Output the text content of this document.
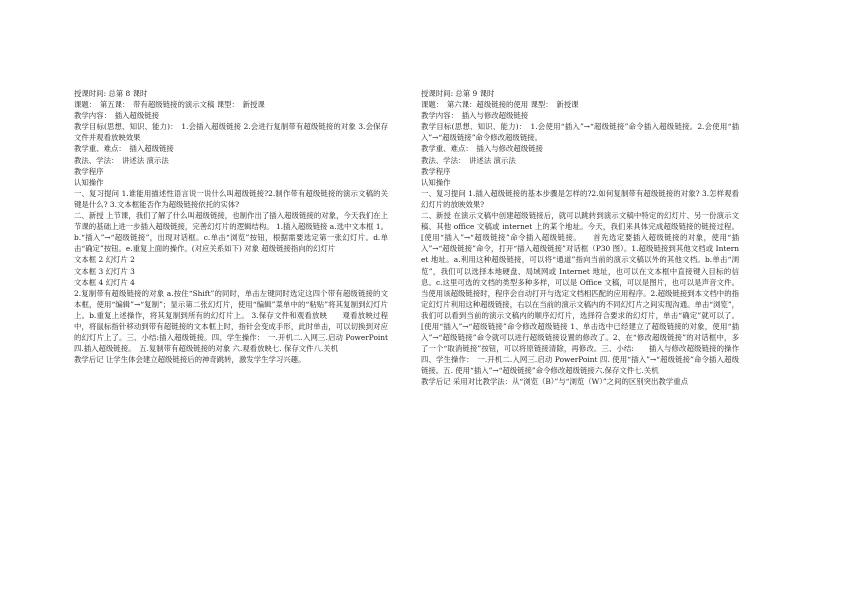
授课时间: 总第 8 课时
课题：　第五课：　带有超级链接的演示文稿 课型：　新授课
教学内容：　插入超级链接
教学目标(思想、知识、能力)：　1.会插入超级链接 2.会进行复制带有超级链接的对象 3.会保存文件并观看放映效果
教学重、难点：　插入超级链接
教法、学法：　讲述法 演示法
教学程序
认知操作
一、复习提问 1.谁能用描述性语言说一说什么叫超级链接?2.制作带有超级链接的演示文稿的关键是什么? 3.文本框能否作为超级链接依托的实体?
二、新授 上节课，我们了解了什么叫超级链接，也制作出了插入超级链接的对象，今天我们在上节课的基础上进一步插入超级链接，完善幻灯片的逻辑结构。 1.插入超级链接 a.选中文本框 1。b.“插入”→“超级链接”，出现对话框。c.单击“浏览”按钮，根据需要选定第一张幻灯片。d.单击“确定”按钮。e.重复上面的操作。(对应关系如下) 对象 超级链接指向的幻灯片
文本框 2 幻灯片 2
文本框 3 幻灯片 3
文本框 4 幻灯片 4
2.复制带有超级链接的对象 a.按住“Shift”的同时，单击左键同时选定这四个带有超级链接的文本框，使用“编辑”→“复制”；显示第二张幻灯片，使用“编辑”菜单中的“粘贴”将其复制到幻灯片上。b.重复上述操作，将其复制到所有的幻灯片上。 3.保存文件和观看放映　　观看放映过程中，将鼠标指针移动到带有超链接的文本框上时，指针会变成手形，此时单击，可以切换到对应的幻灯片上了。三、小结:插入超级链接。四、学生操作：　一.开机二.入网三.启动 PowerPoint 四.插入超级链接。　五.复制带有超级链接的对象 六.观看放映七. 保存文件八.关机
教学后记 让学生体会建立超级链接后的神奇跳转，激发学生学习兴趣。
授课时间: 总第 9 课时
课题：　第六课：超级链接的使用 课型：　新授课
教学内容：　插入与修改超级链接
教学目标(思想、知识、能力)：　1.会使用“插入”→“超级链接”命令插入超级链接。2.会使用“插入”→“超级链接”命令修改超级链接。
教学重、难点：　插入与修改超级链接
教法、学法：　讲述法 演示法
教学程序
认知操作
一、复习提问 1.插入超级链接的基本步骤是怎样的?2.如何复制带有超级链接的对象? 3.怎样观看幻灯片的放映效果?
二、新授 在演示文稿中创建超级链接后，就可以跳转到演示文稿中特定的幻灯片、另一份演示文稿、其他 office 文稿或 internet 上的某个地址。今天，我们来具体完成超级链接的链接过程。[使用“插入”→“超级链接”命令插入超级链接。　　首先选定要插入超级链接的对象，使用“插入”→“超级链接”命令，打开“插入超级链接”对话框（P30 图）。1.超级链接到其他文档或 Internet 地址。a.利用这种超级链接，可以将“通道”指向当前的演示文稿以外的其他文档。b.单击“浏览”，我们可以选择本地硬盘、局域网或 Internet 地址，也可以在文本框中直接键入目标的信息。c.这里可选的文档的类型多种多样，可以是 Office 文稿，可以是图片，也可以是声音文件。当使用该超级链接时，程序会自动打开与选定文档相匹配的应用程序。2.超级链接到本文档中的指定幻灯片利用这种超级链接，右以在当前的演示文稿内的不同幻灯片之间实现沟通。单击“浏览”，我们可以看到当前的演示文稿内的顺序幻灯片，选择符合要求的幻灯片，单击“确定”就可以了。[使用“插入”→“超级链接”命令修改超级链接 1、单击选中已经建立了超级链接的对象，使用“插入”→“超级链接”命令就可以进行超级链接设置的修改了。2、在“修改超级链接”的对话框中，多了一个“取消链接”按钮，可以将原链接清除，再修改。三、小结:　　插入与修改超级链接的操作四、学生操作：　一.开机二.入网三.启动 PowerPoint 四. 使用“插入”→“超级链接”命令插入超级链接。五. 使用“插入”→“超级链接”命令修改超级链接六.保存文件七.关机
教学后记 采用对比教学法：从“浏览（B）”与“浏览（W）”之间的区别突出教学重点
